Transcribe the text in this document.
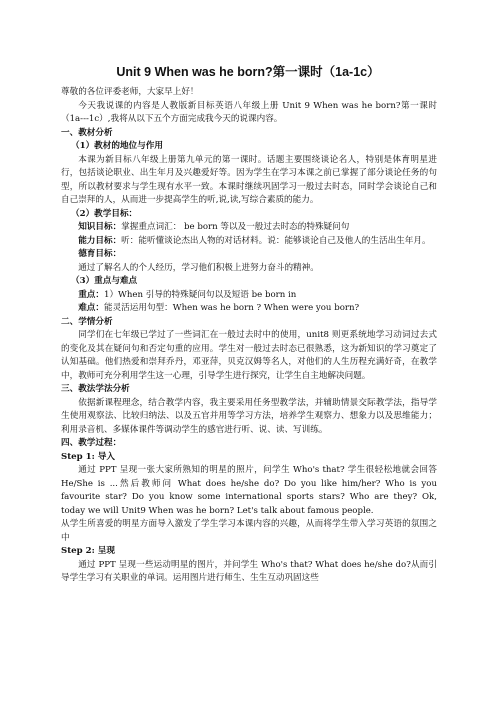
Unit 9 When was he born?第一课时（1a-1c）

尊敬的各位评委老师，大家早上好！

今天我说课的内容是人教版新目标英语八年级上册 Unit 9 When was he born?第一课时（1a---1c）,我将从以下五个方面完成我今天的说课内容。

一、教材分析

（1）教材的地位与作用

本课为新目标八年级上册第九单元的第一课时。话题主要围绕谈论名人，特别是体育明星进行，包括谈论职业、出生年月及兴趣爱好等。因为学生在学习本课之前已掌握了部分谈论任务的句型，所以教材要求与学生现有水平一致。本课时继续巩固学习一般过去时态，同时学会谈论自己和自己崇拜的人，从而进一步提高学生的听,说,读,写综合素质的能力。

（2）教学目标：

知识目标：掌握重点词汇： be born 等以及一般过去时态的特殊疑问句

能力目标：听：能听懂谈论杰出人物的对话材料。说：能够谈论自己及他人的生活出生年月。

德育目标：

通过了解名人的个人经历，学习他们积极上进努力奋斗的精神。

（3）重点与难点

重点：1）When 引导的特殊疑问句以及短语 be born in

难点：能灵活运用句型：When was he born ? When were you born?

二、学情分析

同学们在七年级已学过了一些词汇在一般过去时中的使用，unit8 则更系统地学习动词过去式的变化及其在疑问句和否定句重的应用。学生对一般过去时态已很熟悉，这为新知识的学习奠定了认知基础。他们热爱和崇拜乔丹，邓亚萍，贝克汉姆等名人，对他们的人生历程充满好奇，在教学中，教师可充分利用学生这一心理，引导学生进行探究，让学生自主地解决问题。

三、教法学法分析

依据新课程理念，结合教学内容，我主要采用任务型教学法，并辅助情景交际教学法，指导学生使用观察法、比较归纳法、以及五官并用等学习方法，培养学生观察力、想象力以及思维能力；利用录音机、多媒体课件等调动学生的感官进行听、说、读、写训练。

四、教学过程：

Step 1: 导入

通过 PPT 呈现一张大家所熟知的明星的照片，问学生 Who's that? 学生很轻松地就会回答 He/She is ...然后教师问 What does he/she do? Do you like him/her? Who is you favourite star? Do you know some international sports stars? Who are they? Ok, today we will Unit9 When was he born? Let's talk about famous people.

从学生所喜爱的明星方面导入激发了学生学习本课内容的兴趣，从而将学生带入学习英语的氛围之中

Step 2: 呈现

通过 PPT 呈现一些运动明星的图片，并问学生 Who's that? What does he/she do?从而引导学生学习有关职业的单词。运用图片进行师生、生生互动巩固这些
